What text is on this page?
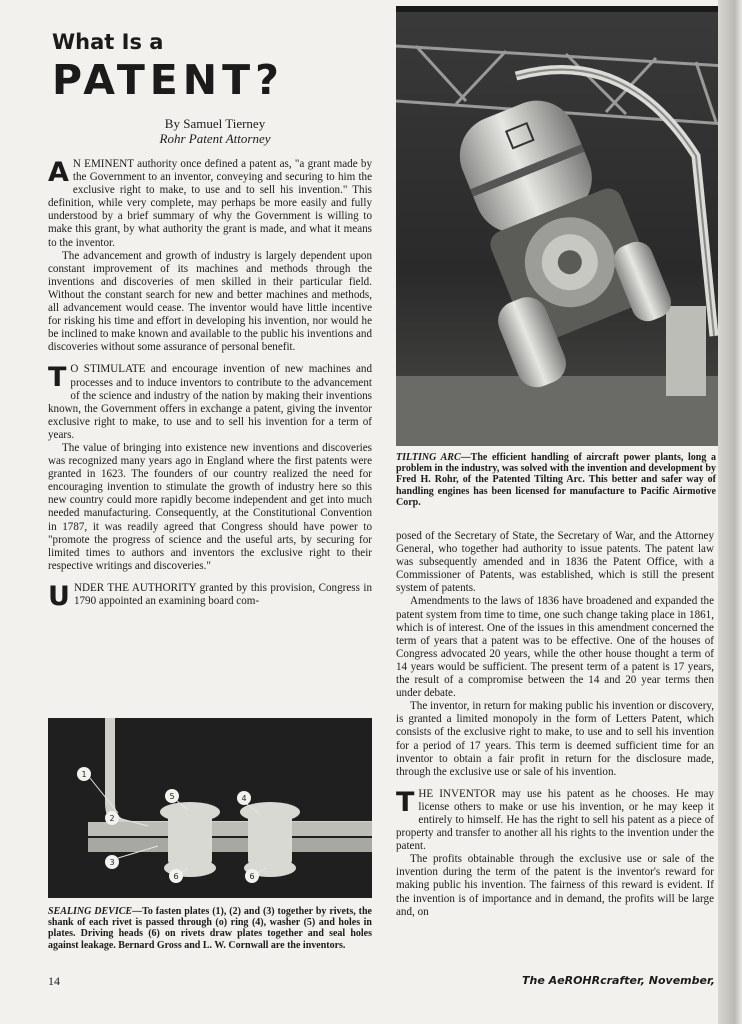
What Is a
PATENT?
By Samuel Tierney
Rohr Patent Attorney

A N EMINENT authority once defined a patent as, "a grant made by the Government to an inventor, conveying and securing to him the exclusive right to make, to use and to sell his invention." This definition, while very complete, may perhaps be more easily and fully understood by a brief summary of why the Government is willing to make this grant, by what authority the grant is made, and what it means to the inventor.

The advancement and growth of industry is largely dependent upon constant improvement of its machines and methods through the inventions and discoveries of men skilled in their particular field. Without the constant search for new and better machines and methods, all advancement would cease. The inventor would have little incentive for risking his time and effort in developing his invention, nor would he be inclined to make known and available to the public his inventions and discoveries without some assurance of personal benefit.

T O STIMULATE and encourage invention of new machines and processes and to induce inventors to contribute to the advancement of the science and industry of the nation by making their inventions known, the Government offers in exchange a patent, giving the inventor exclusive right to make, to use and to sell his invention for a term of years.

The value of bringing into existence new inventions and discoveries was recognized many years ago in England where the first patents were granted in 1623. The founders of our country realized the need for encouraging invention to stimulate the growth of industry here so this new country could more rapidly become independent and get into much needed manufacturing. Consequently, at the Constitutional Convention in 1787, it was readily agreed that Congress should have power to "promote the progress of science and the useful arts, by securing for limited times to authors and inventors the exclusive right to their respective writings and discoveries."

UNDER THE AUTHORITY granted by this provision, Congress in 1790 appointed an examining board com-

TILTING ARC—The efficient handling of aircraft power plants, long a problem in the industry, was solved with the invention and development by Fred H. Rohr, of the Patented Tilting Arc. This better and safer way of handling engines has been licensed for manufacture to Pacific Airmotive Corp.

posed of the Secretary of State, the Secretary of War, and the Attorney General, who together had authority to issue patents. The patent law was subsequently amended and in 1836 the Patent Office, with a Commissioner of Patents, was established, which is still the present system of patents.

Amendments to the laws of 1836 have broadened and expanded the patent system from time to time, one such change taking place in 1861, which is of interest. One of the issues in this amendment concerned the term of years that a patent was to be effective. One of the houses of Congress advocated 20 years, while the other house thought a term of 14 years would be sufficient. The present term of a patent is 17 years, the result of a compromise between the 14 and 20 year terms then under debate.

The inventor, in return for making public his invention or discovery, is granted a limited monopoly in the form of Letters Patent, which consists of the exclusive right to make, to use and to sell his invention for a period of 17 years. This term is deemed sufficient time for an inventor to obtain a fair profit in return for the disclosure made, through the exclusive use or sale of his invention.

THE INVENTOR may use his patent as he chooses. He may license others to make or use his invention, or he may keep it entirely to himself. He has the right to sell his patent as a piece of property and transfer to another all his rights to the invention under the patent.

The profits obtainable through the exclusive use or sale of the invention during the term of the patent is the inventor's reward for making public his invention. The fairness of this reward is evident. If the invention is of importance and in demand, the profits will be large and, on

1
2
3
4
5
6	6
SEALING DEVICE—To fasten plates (1), (2) and (3) together by rivets, the shank of each rivet is passed through (o) ring (4), washer (5) and holes in plates. Driving heads (6) on rivets draw plates together and seal holes against leakage. Bernard Gross and L. W. Cornwall are the inventors.
14	The AeROHRcrafter, November,
